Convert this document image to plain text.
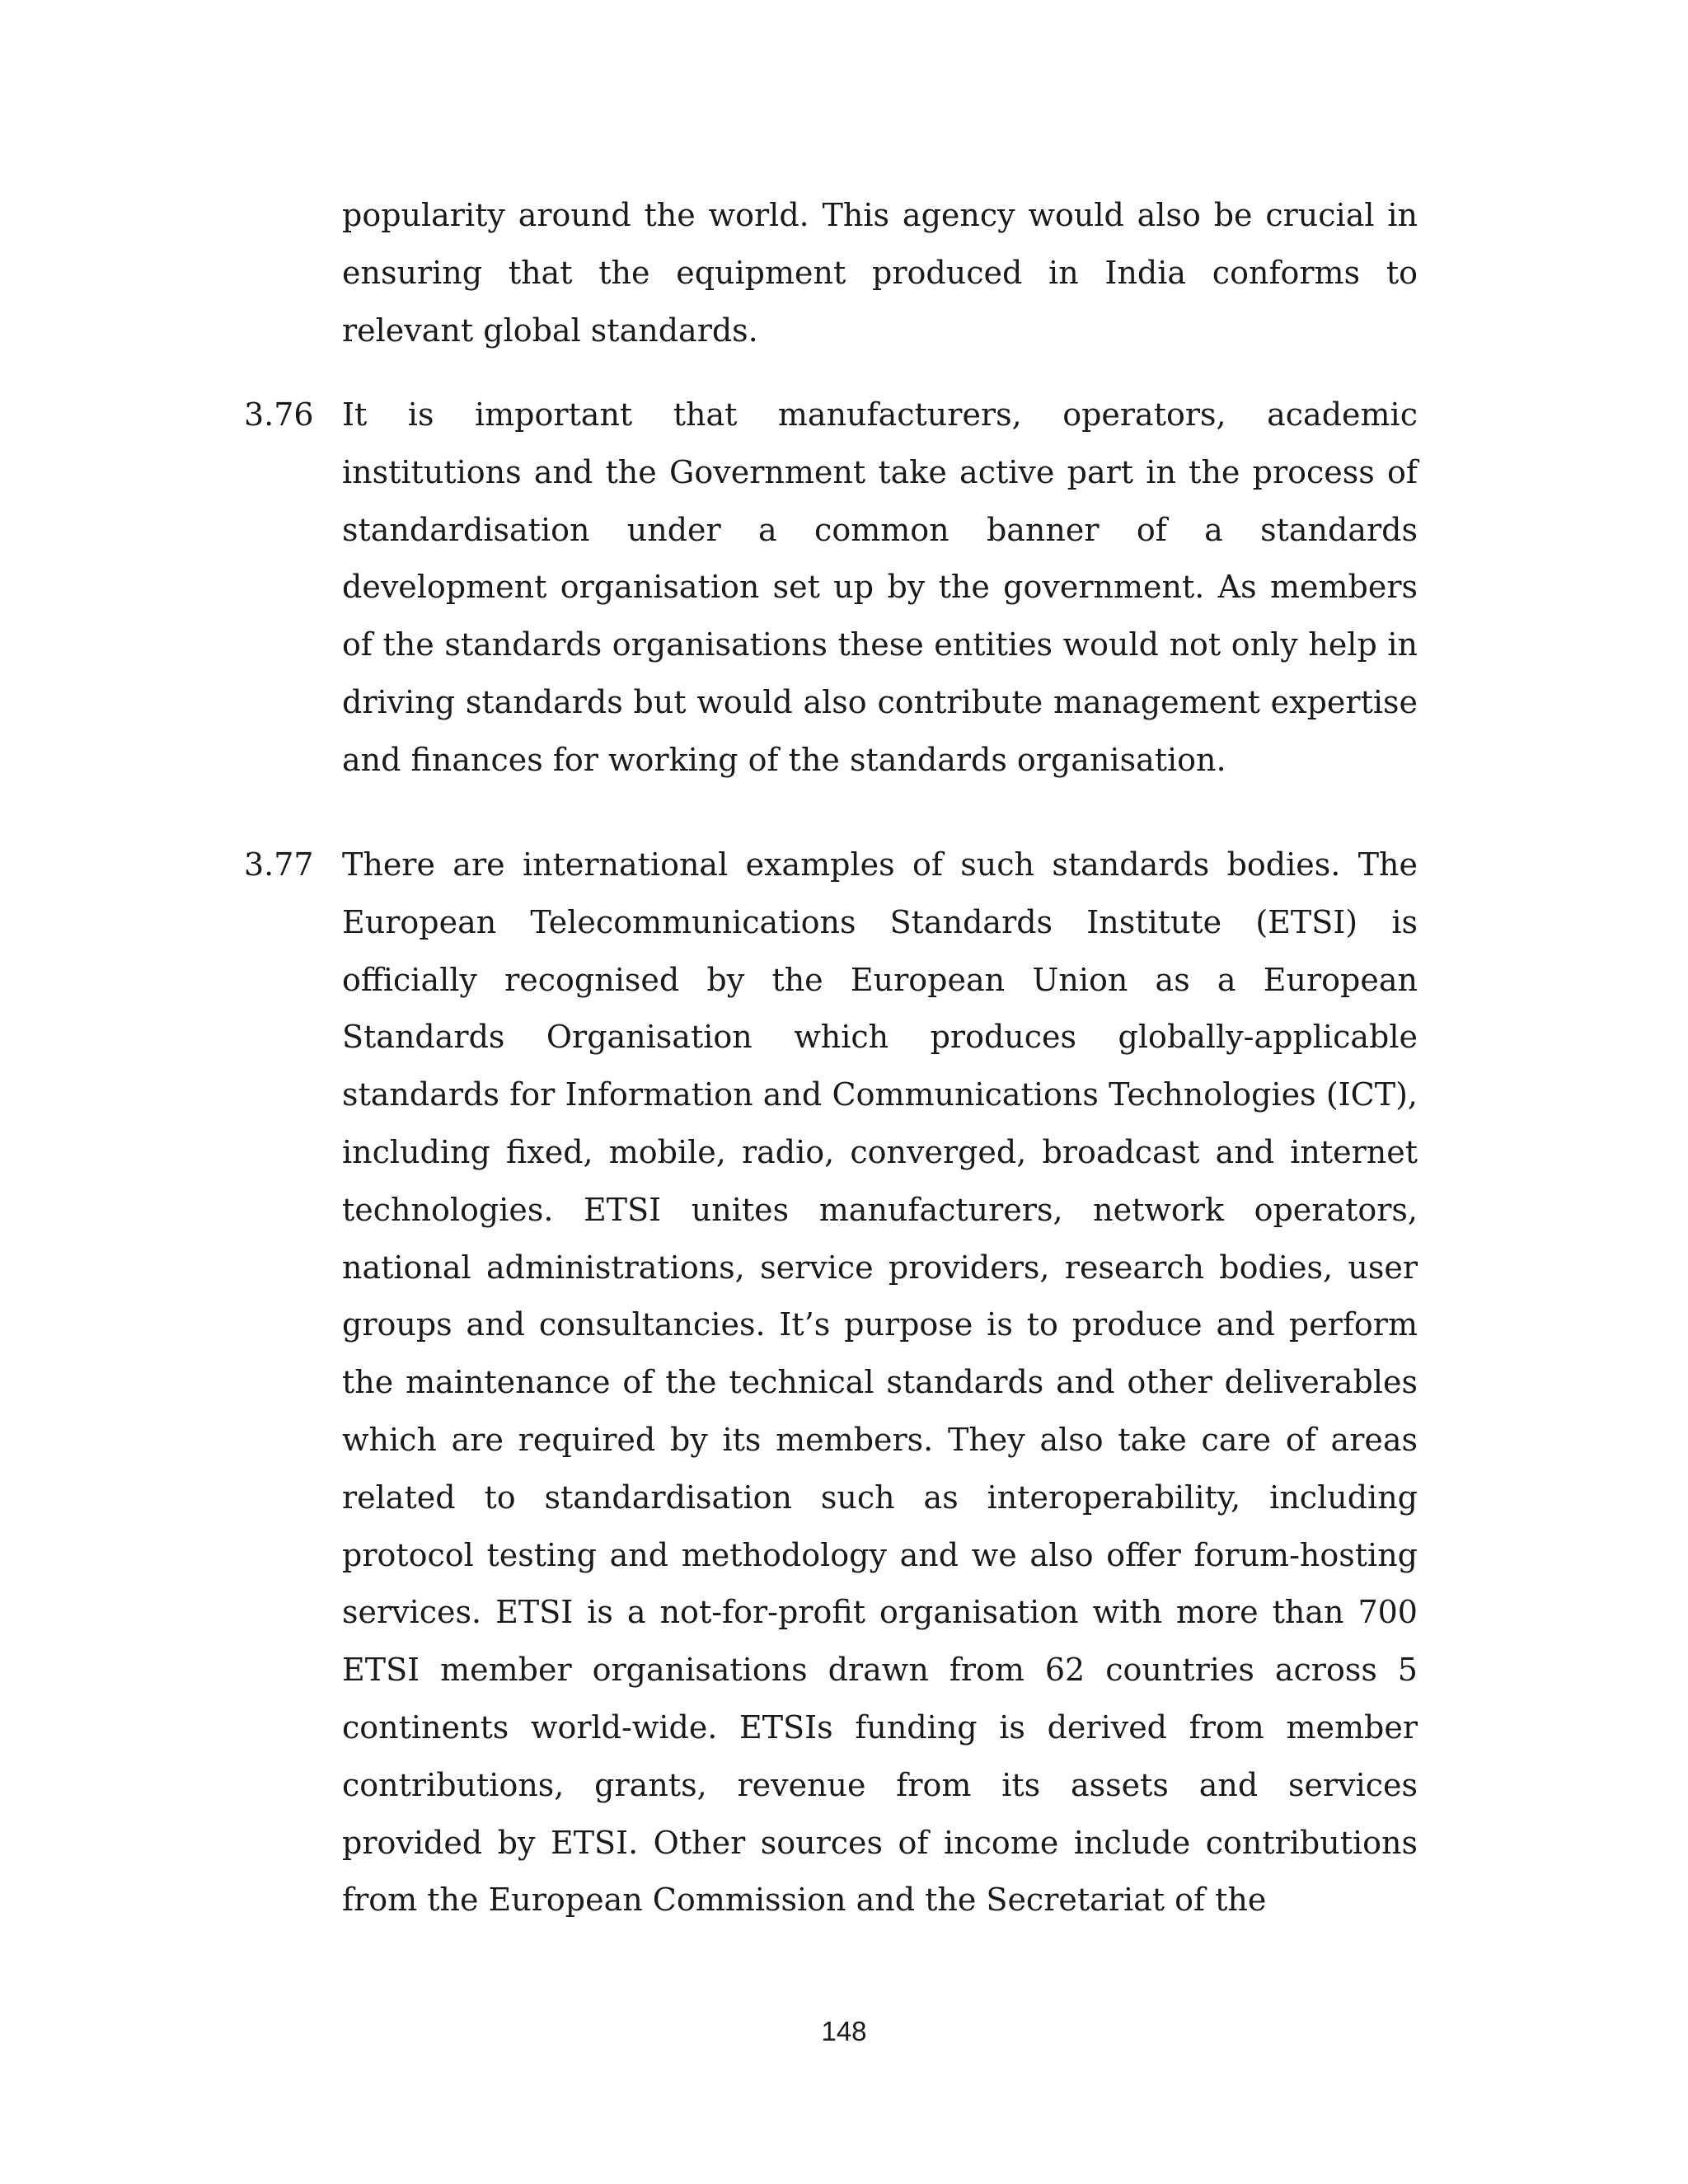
popularity around the world. This agency would also be crucial in ensuring that the equipment produced in India conforms to relevant global standards.

3.76 It is important that manufacturers, operators, academic institutions and the Government take active part in the process of standardisation under a common banner of a standards development organisation set up by the government. As members of the standards organisations these entities would not only help in driving standards but would also contribute management expertise and finances for working of the standards organisation.

3.77 There are international examples of such standards bodies. The European Telecommunications Standards Institute (ETSI) is officially recognised by the European Union as a European Standards Organisation which produces globally-applicable standards for Information and Communications Technologies (ICT), including fixed, mobile, radio, converged, broadcast and internet technologies. ETSI unites manufacturers, network operators, national administrations, service providers, research bodies, user groups and consultancies. It’s purpose is to produce and perform the maintenance of the technical standards and other deliverables which are required by its members. They also take care of areas related to standardisation such as interoperability, including protocol testing and methodology and we also offer forum-hosting services. ETSI is a not-for-profit organisation with more than 700 ETSI member organisations drawn from 62 countries across 5 continents world-wide. ETSIs funding is derived from member contributions, grants, revenue from its assets and services provided by ETSI. Other sources of income include contributions from the European Commission and the Secretariat of the

148
